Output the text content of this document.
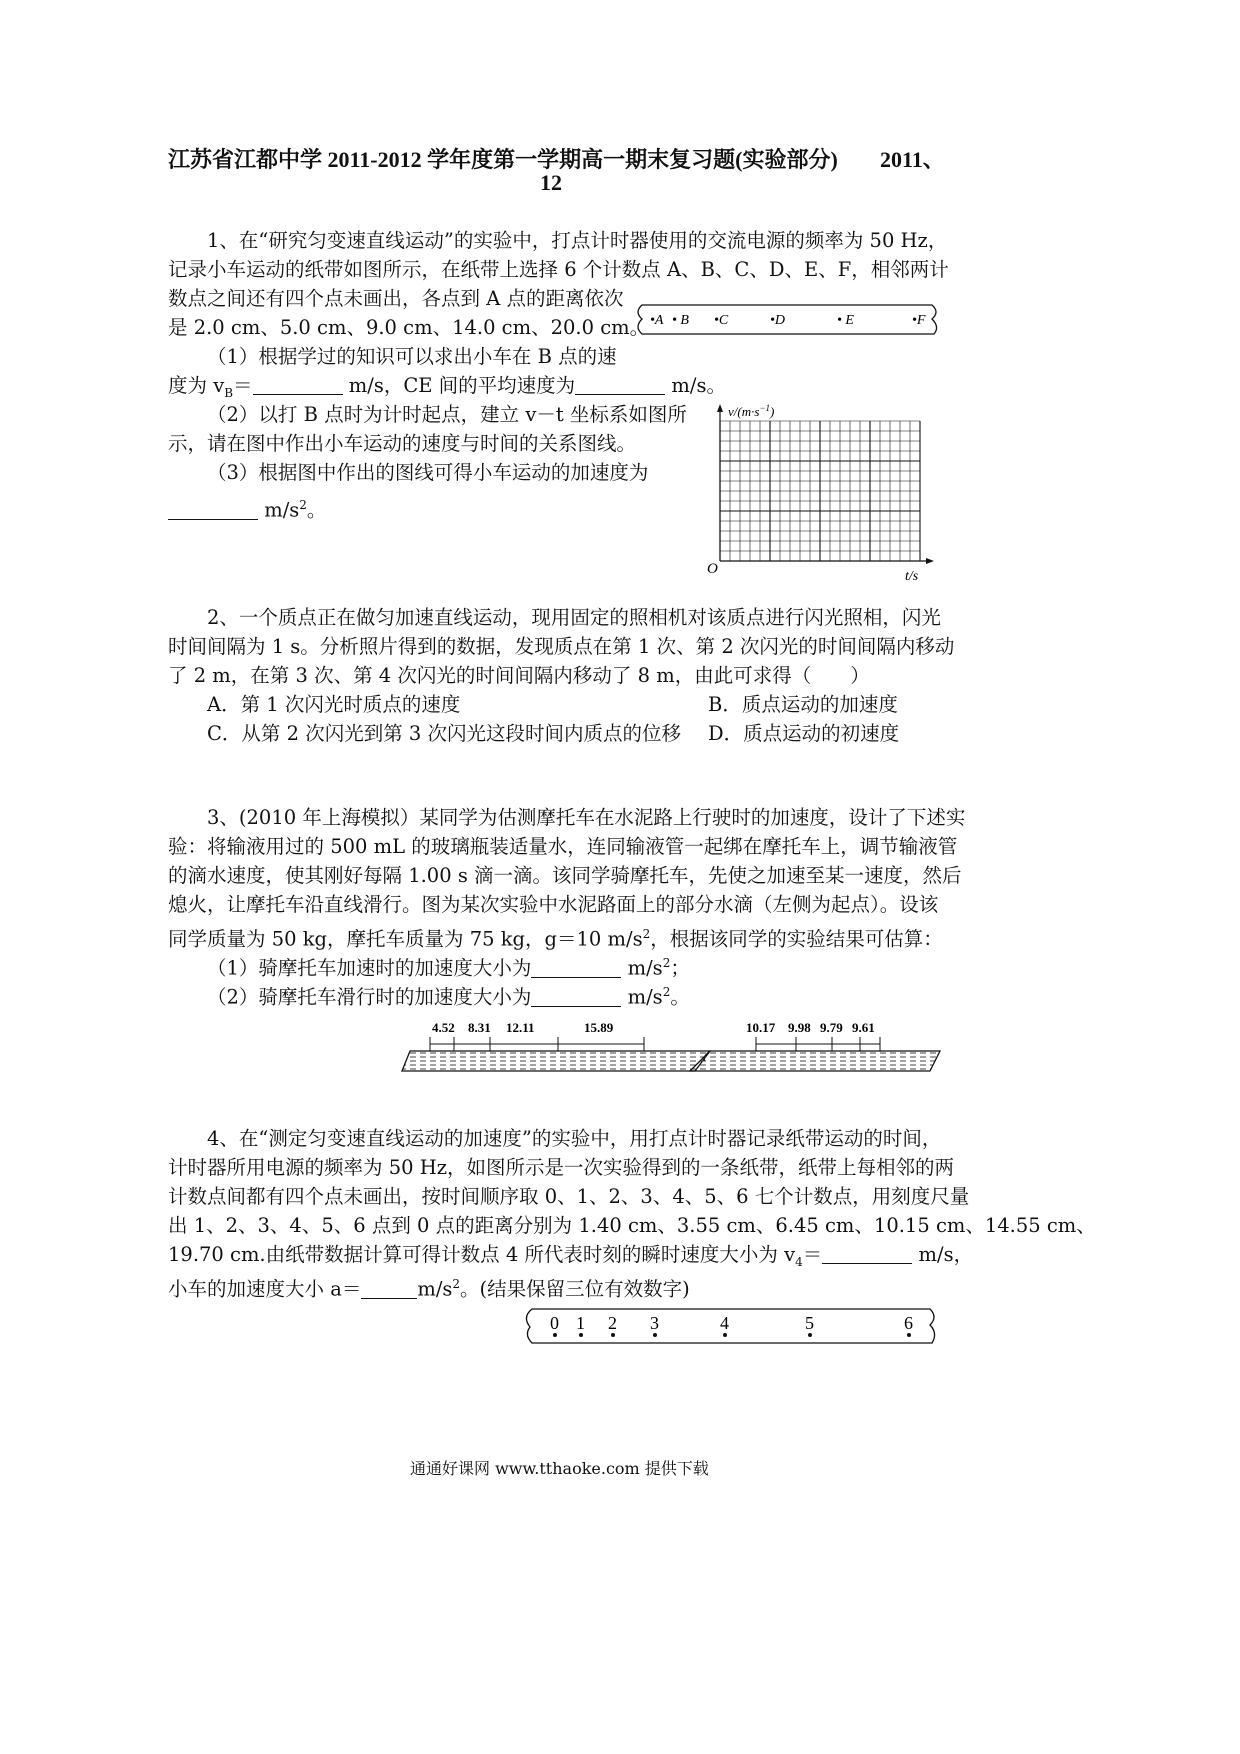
江苏省江都中学 2011-2012 学年度第一学期高一期末复习题(实验部分) 2011、
12
1、在“研究匀变速直线运动”的实验中，打点计时器使用的交流电源的频率为 50 Hz，
记录小车运动的纸带如图所示，在纸带上选择 6 个计数点 A、B、C、D、E、F，相邻两计
数点之间还有四个点未画出，各点到 A 点的距离依次
是 2.0 cm、5.0 cm、9.0 cm、14.0 cm、20.0 cm。 •A • B •C	•D	• E	•F
（1）根据学过的知识可以求出小车在 B 点的速
度为 $v_B=$	m/s，CE 间的平均速度为	m/s。
（2）以打 B 点时为计时起点，建立 v－t 坐标系如图所
示，请在图中作出小车运动的速度与时间的关系图线。
（3）根据图中作出的图线可得小车运动的加速度为
$m/s^2$。
$v/(m\cdot s^{-1})$
O	t/s
2、一个质点正在做匀加速直线运动，现用固定的照相机对该质点进行闪光照相，闪光
时间间隔为 1 s。分析照片得到的数据，发现质点在第 1 次、第 2 次闪光的时间间隔内移动
了 2 m，在第 3 次、第 4 次闪光的时间间隔内移动了 8 m，由此可求得（　　）
A．第 1 次闪光时质点的速度	B．质点运动的加速度
C．从第 2 次闪光到第 3 次闪光这段时间内质点的位移 D．质点运动的初速度
3、(2010 年上海模拟）某同学为估测摩托车在水泥路上行驶时的加速度，设计了下述实
验：将输液用过的 500 mL 的玻璃瓶装适量水，连同输液管一起绑在摩托车上，调节输液管
的滴水速度，使其刚好每隔 1.00 s 滴一滴。该同学骑摩托车，先使之加速至某一速度，然后
熄火，让摩托车沿直线滑行。图为某次实验中水泥路面上的部分水滴（左侧为起点）。设该
同学质量为 50 kg，摩托车质量为 75 kg，g＝10 $m/s^2$，根据该同学的实验结果可估算：
（1）骑摩托车加速时的加速度大小为	$m/s^2$；
（2）骑摩托车滑行时的加速度大小为	$m/s^2$。
4.52 8.31 12.11	15.89	10.17 9.98 9.79 9.61
4、在“测定匀变速直线运动的加速度”的实验中，用打点计时器记录纸带运动的时间，
计时器所用电源的频率为 50 Hz，如图所示是一次实验得到的一条纸带，纸带上每相邻的两
计数点间都有四个点未画出，按时间顺序取 0、1、2、3、4、5、6 七个计数点，用刻度尺量
出 1、2、3、4、5、6 点到 0 点的距离分别为 1.40 cm、3.55 cm、6.45 cm、10.15 cm、14.55 cm、
19.70 cm.由纸带数据计算可得计数点 4 所代表时刻的瞬时速度大小为 $v_4=$	m/s，
小车的加速度大小 a＝	$m/s^2$。(结果保留三位有效数字)
0 1 2 3	4	5	6
通通好课网 www.tthaoke.com 提供下载
